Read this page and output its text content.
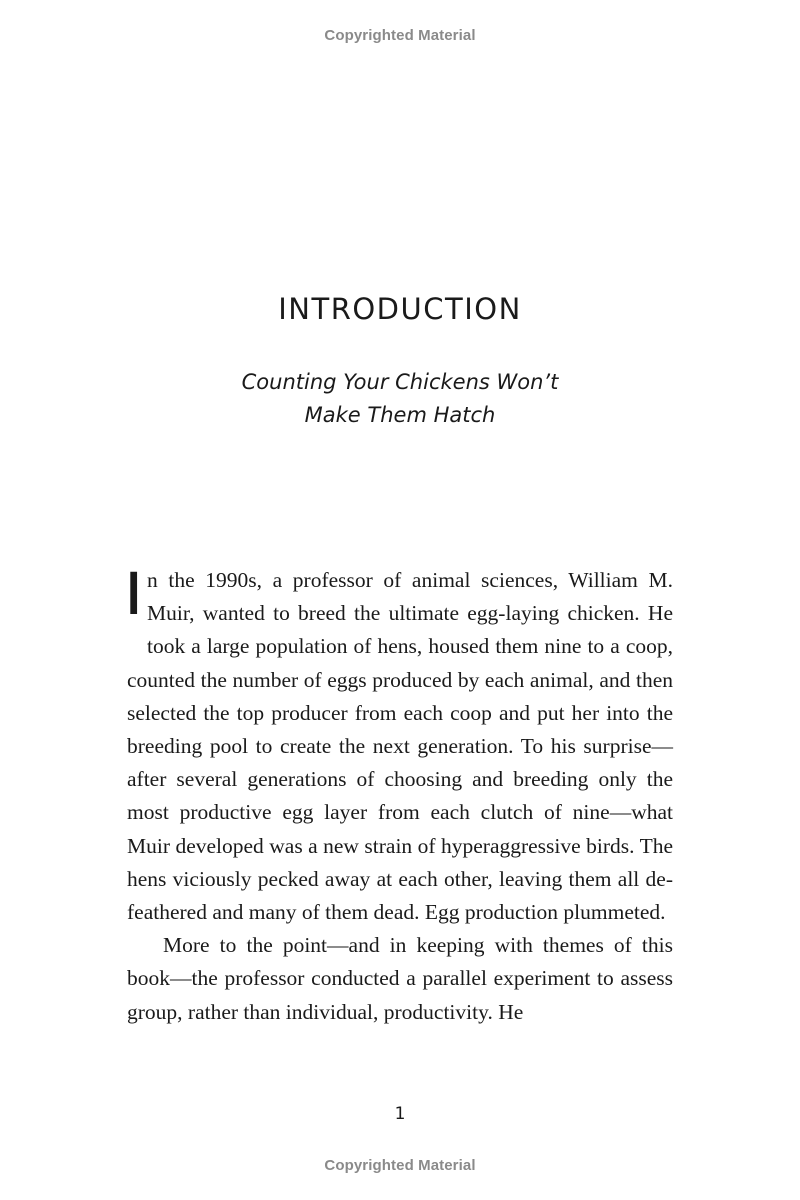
Copyrighted Material
INTRODUCTION
Counting Your Chickens Won’t
Make Them Hatch

In the 1990s, a professor of animal sciences, William M. Muir, wanted to breed the ultimate egg-laying chicken. He took a large population of hens, housed them nine to a coop, counted the number of eggs produced by each animal, and then selected the top producer from each coop and put her into the breeding pool to create the next generation. To his surprise—after several generations of choosing and breeding only the most productive egg layer from each clutch of nine—what Muir developed was a new strain of hyperaggressive birds. The hens viciously pecked away at each other, leaving them all de-feathered and many of them dead. Egg production plummeted.

More to the point—and in keeping with themes of this book—the professor conducted a parallel experiment to assess group, rather than individual, productivity. He

1
Copyrighted Material
